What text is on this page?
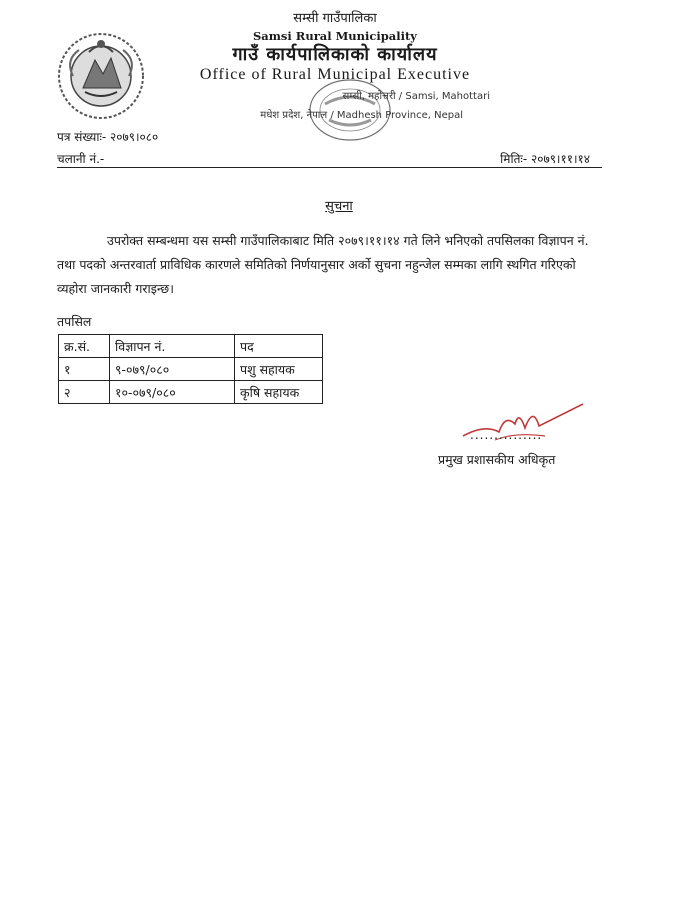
सम्सी गाउँपालिका
Samsi Rural Municipality
गाउँ कार्यपालिकाको कार्यालय
Office of Rural Municipal Executive
सम्सी, महोत्तरी / Samsi, Mahottari
मधेश प्रदेश, नेपाल / Madhesh Province, Nepal
पत्र संख्याः- २०७९।०८०
चलानी नं.-	मितिः- २०७९।११।१४
सुचना

उपरोक्त सम्बन्धमा यस सम्सी गाउँपालिकाबाट मिति २०७९।११।१४ गते लिने भनिएको तपसिलका विज्ञापन नं. तथा पदको अन्तरवार्ता प्राविधिक कारणले समितिको निर्णयानुसार अर्को सुचना नहुन्जेल सम्मका लागि स्थगित गरिएको व्यहोरा जानकारी गराइन्छ।

तपसिल
क्र.सं.	विज्ञापन नं.	पद
१	९-०७९/०८०	पशु सहायक
२	१०-०७९/०८०	कृषि सहायक
...............
प्रमुख प्रशासकीय अधिकृत
